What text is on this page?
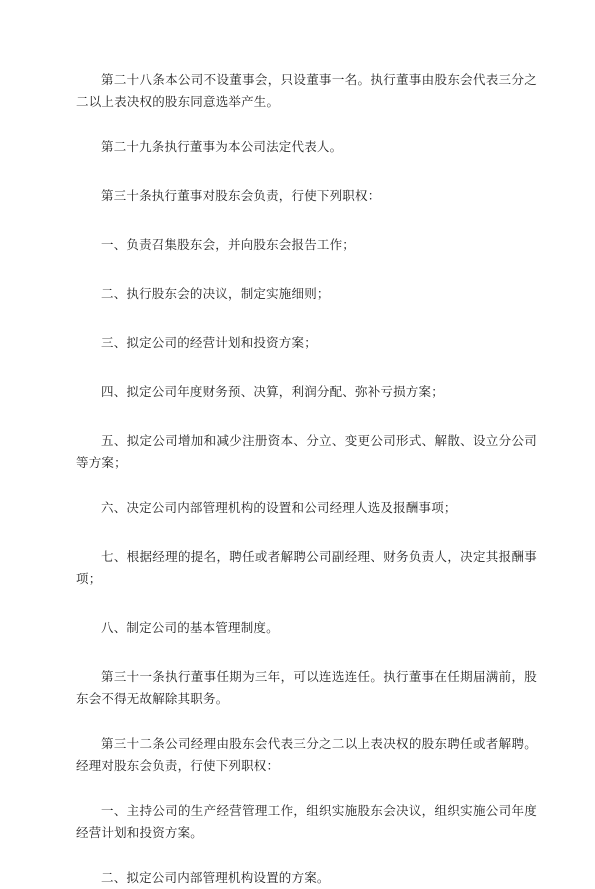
第二十八条本公司不设董事会，只设董事一名。执行董事由股东会代表三分之二以上表决权的股东同意选举产生。

第二十九条执行董事为本公司法定代表人。

第三十条执行董事对股东会负责，行使下列职权：

一、负责召集股东会，并向股东会报告工作；

二、执行股东会的决议，制定实施细则；

三、拟定公司的经营计划和投资方案；

四、拟定公司年度财务预、决算，利润分配、弥补亏损方案；

五、拟定公司增加和减少注册资本、分立、变更公司形式、解散、设立分公司等方案；

六、决定公司内部管理机构的设置和公司经理人选及报酬事项；

七、根据经理的提名，聘任或者解聘公司副经理、财务负责人，决定其报酬事项；

八、制定公司的基本管理制度。

第三十一条执行董事任期为三年，可以连选连任。执行董事在任期届满前，股东会不得无故解除其职务。

第三十二条公司经理由股东会代表三分之二以上表决权的股东聘任或者解聘。经理对股东会负责，行使下列职权：

一、主持公司的生产经营管理工作，组织实施股东会决议，组织实施公司年度经营计划和投资方案。

二、拟定公司内部管理机构设置的方案。
